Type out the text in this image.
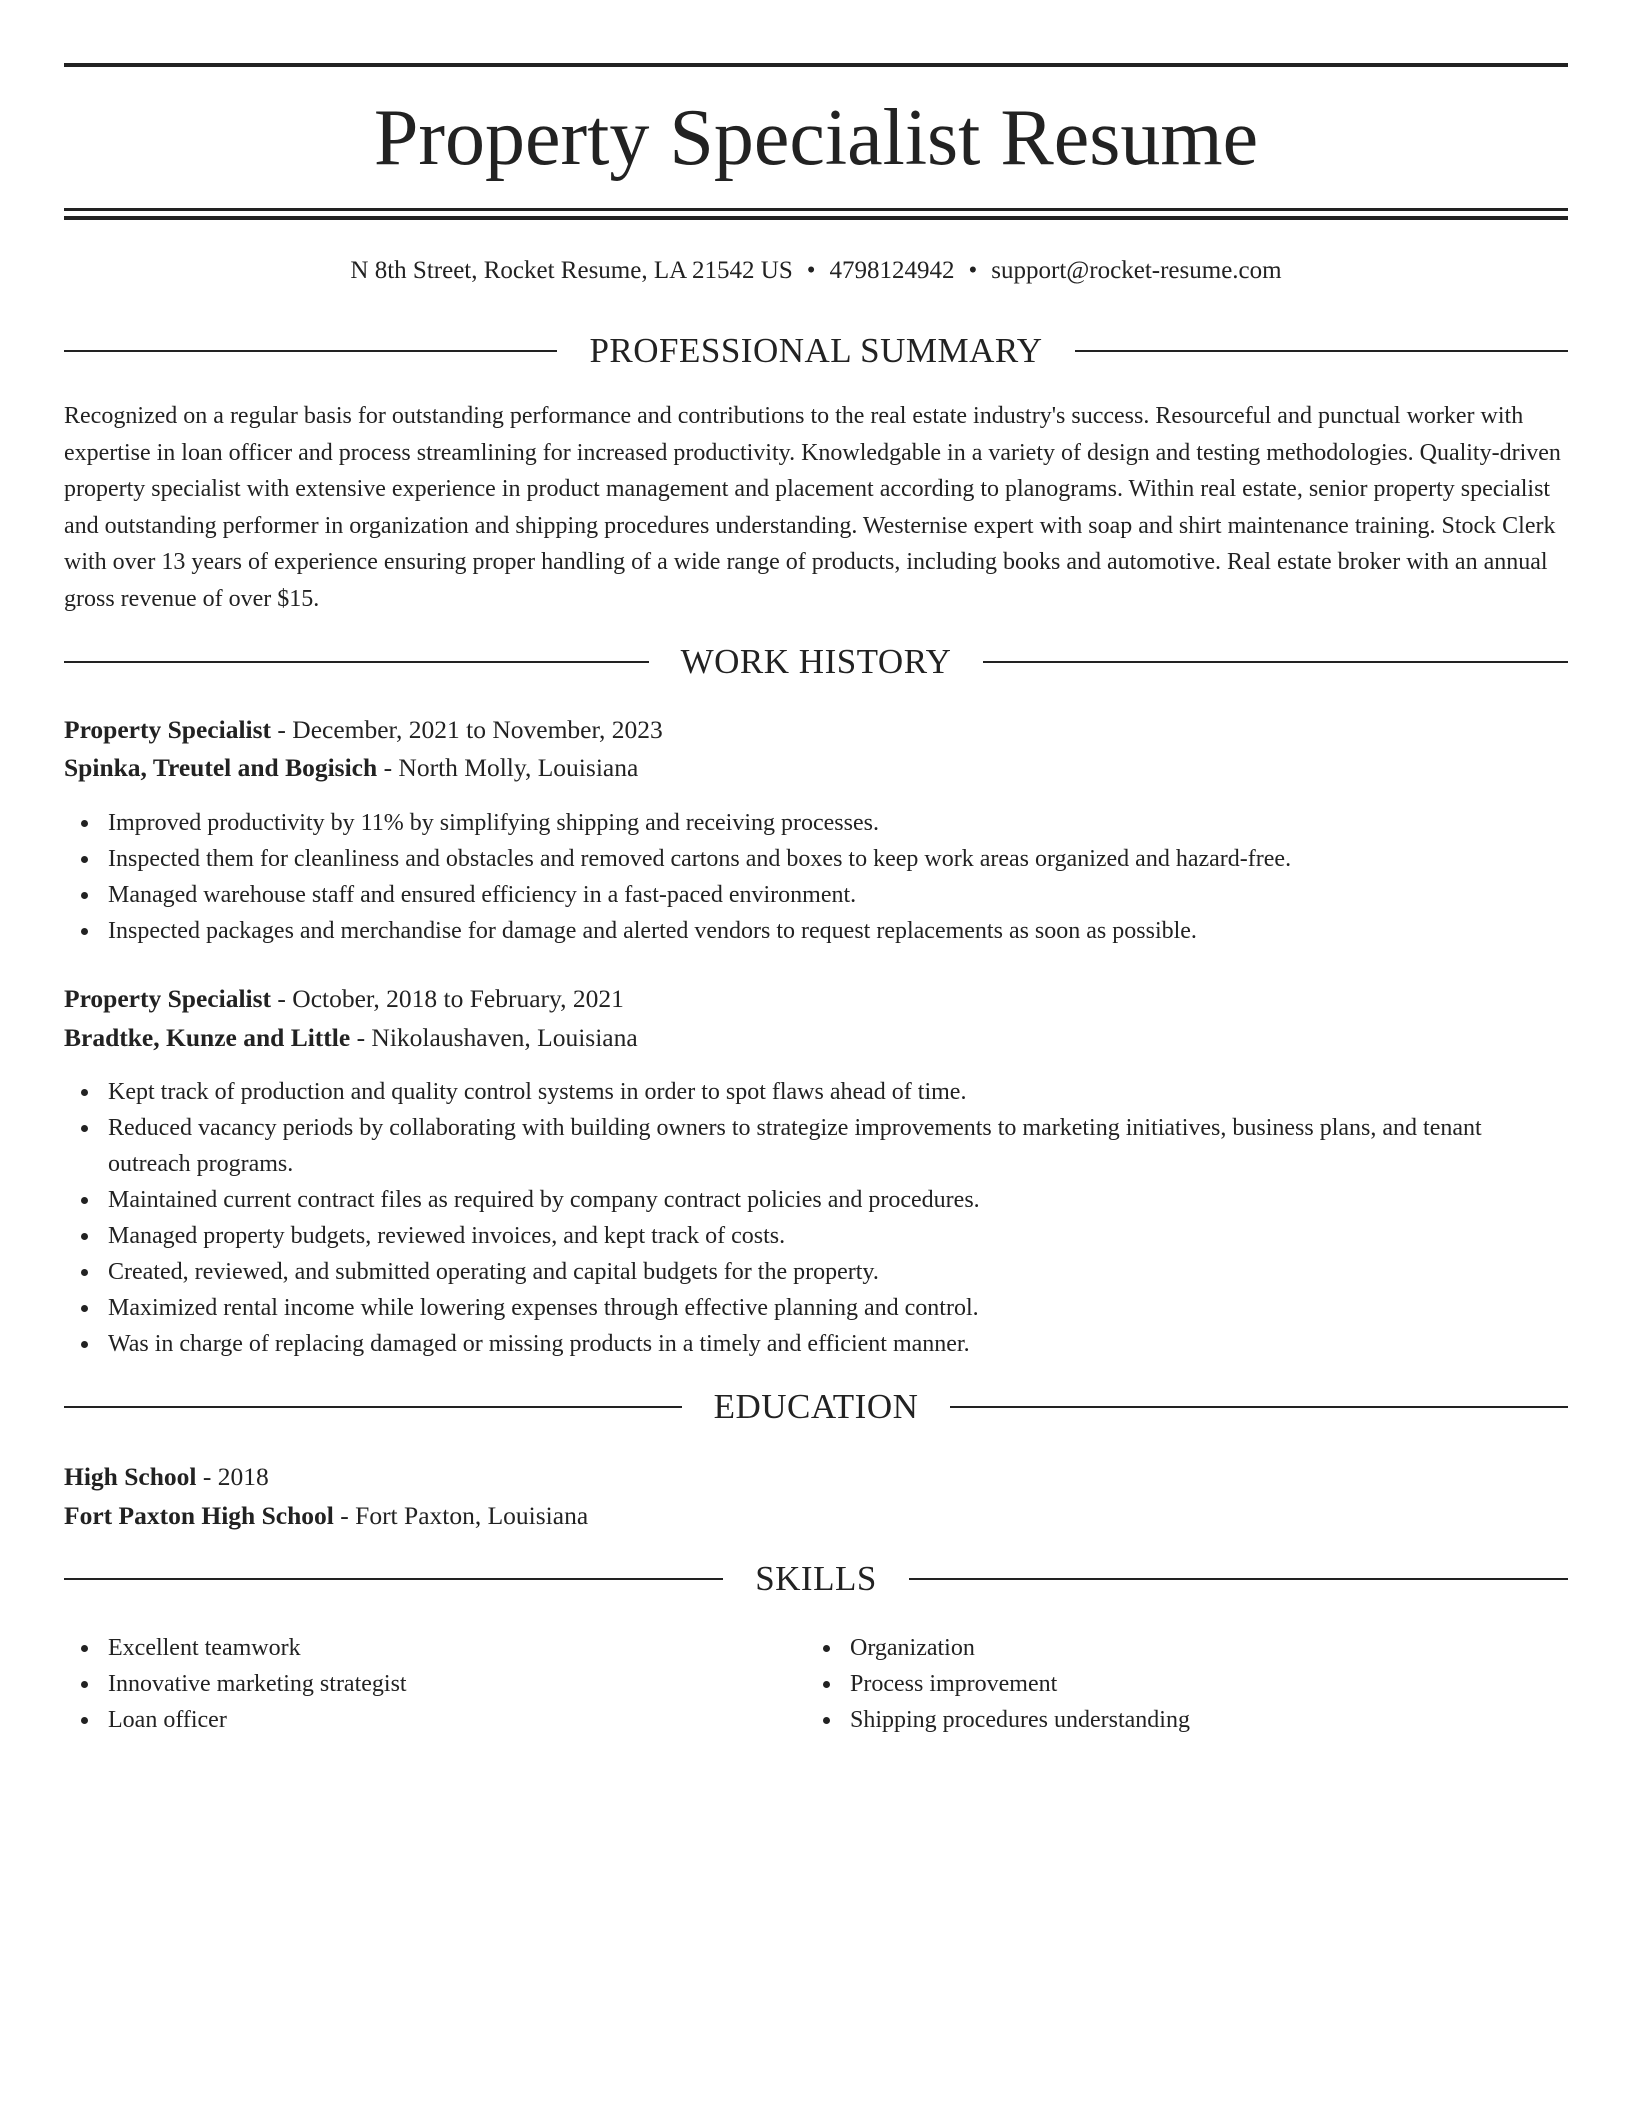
Property Specialist Resume
N 8th Street, Rocket Resume, LA 21542 US • 4798124942 • support@rocket-resume.com
PROFESSIONAL SUMMARY

Recognized on a regular basis for outstanding performance and contributions to the real estate industry's success. Resourceful and punctual worker with expertise in loan officer and process streamlining for increased productivity. Knowledgable in a variety of design and testing methodologies. Quality-driven property specialist with extensive experience in product management and placement according to planograms. Within real estate, senior property specialist and outstanding performer in organization and shipping procedures understanding. Westernise expert with soap and shirt maintenance training. Stock Clerk with over 13 years of experience ensuring proper handling of a wide range of products, including books and automotive. Real estate broker with an annual gross revenue of over $15.

WORK HISTORY
Property Specialist - December, 2021 to November, 2023
Spinka, Treutel and Bogisich - North Molly, Louisiana
Improved productivity by 11% by simplifying shipping and receiving processes.
Inspected them for cleanliness and obstacles and removed cartons and boxes to keep work areas organized and hazard-free.
Managed warehouse staff and ensured efficiency in a fast-paced environment.
Inspected packages and merchandise for damage and alerted vendors to request replacements as soon as possible.
Property Specialist - October, 2018 to February, 2021
Bradtke, Kunze and Little - Nikolaushaven, Louisiana
Kept track of production and quality control systems in order to spot flaws ahead of time.
Reduced vacancy periods by collaborating with building owners to strategize improvements to marketing initiatives, business plans, and tenant outreach programs.
Maintained current contract files as required by company contract policies and procedures.
Managed property budgets, reviewed invoices, and kept track of costs.
Created, reviewed, and submitted operating and capital budgets for the property.
Maximized rental income while lowering expenses through effective planning and control.
Was in charge of replacing damaged or missing products in a timely and efficient manner.
EDUCATION
High School - 2018
Fort Paxton High School - Fort Paxton, Louisiana
SKILLS
Excellent teamwork
Innovative marketing strategist
Loan officer
Organization
Process improvement
Shipping procedures understanding
